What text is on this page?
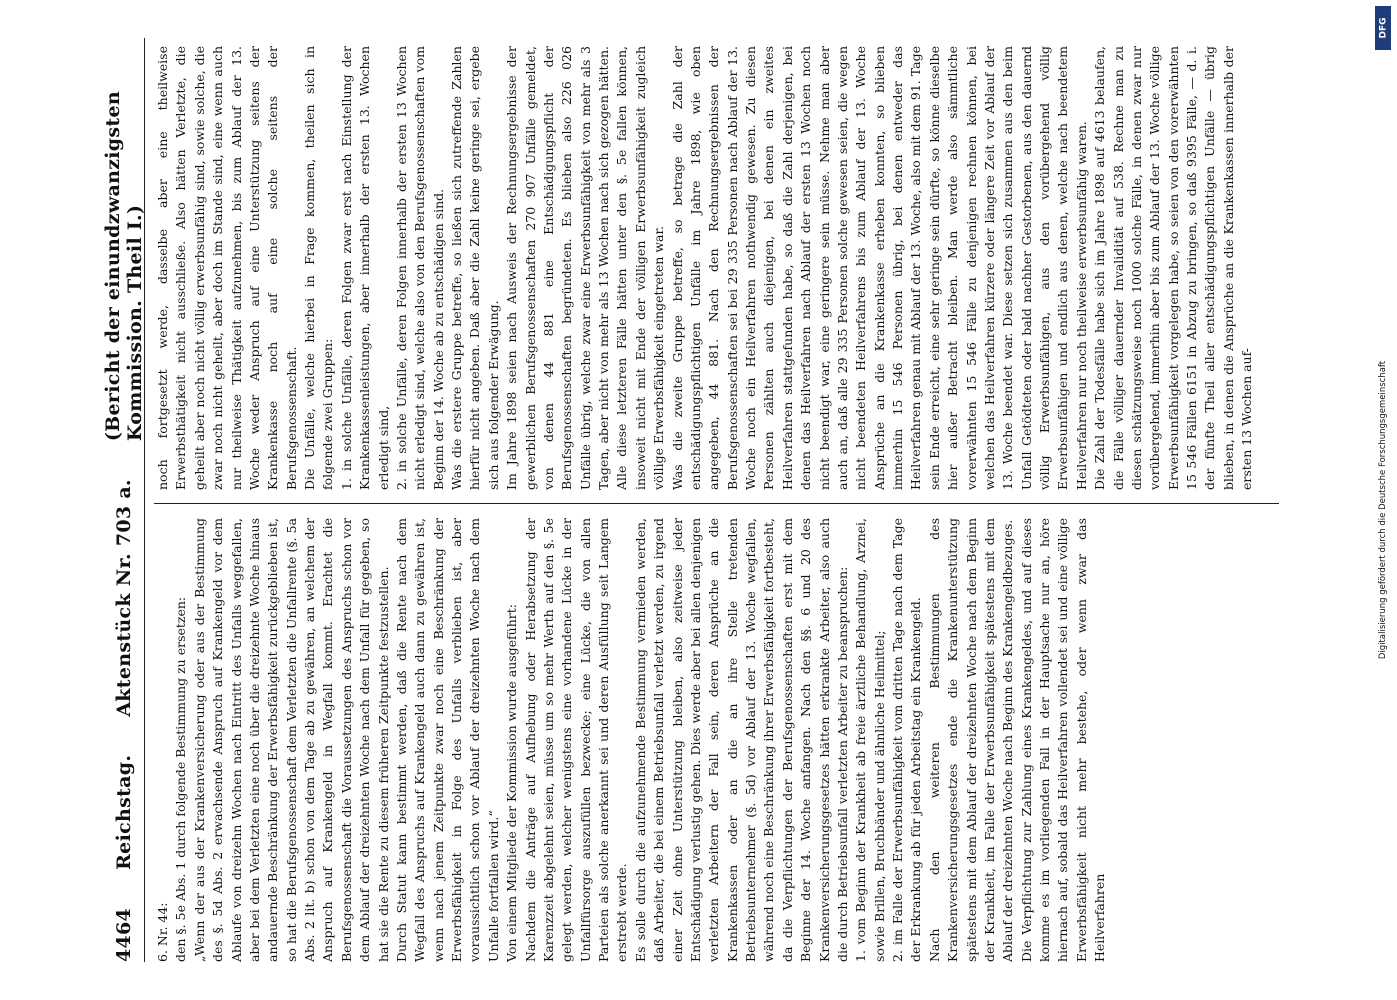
4464
Reichstag.
Aktenstück Nr. 703 a.
(Bericht der einundzwanzigsten Kommission. Theil I.)
6. Nr. 44:
den §. 5e Abs. 1 durch folgende Bestimmung zu ersetzen:
„Wenn der aus der Krankenversicherung oder aus der Bestimmung des §. 5d Abs. 2 erwachsende Anspruch auf Krankengeld vor dem Ablaufe von dreizehn Wochen nach Eintritt des Unfalls weggefallen, aber bei dem Verletzten eine noch über die dreizehnte Woche hinaus andauernde Beschränkung der Erwerbsfähigkeit zurückgeblieben ist, so hat die Berufsgenossenschaft dem Verletzten die Unfallrente (§. 5a Abs. 2 lit. b) schon von dem Tage ab zu gewähren, an welchem der Anspruch auf Krankengeld in Wegfall kommt. Erachtet die Berufsgenossenschaft die Voraussetzungen des Anspruchs schon vor dem Ablauf der dreizehnten Woche nach dem Unfall für gegeben, so hat sie die Rente zu diesem früheren Zeitpunkte festzustellen.
Durch Statut kann bestimmt werden, daß die Rente nach dem Wegfall des Anspruchs auf Krankengeld auch dann zu gewähren ist, wenn nach jenem Zeitpunkte zwar noch eine Beschränkung der Erwerbsfähigkeit in Folge des Unfalls verblieben ist, aber voraussichtlich schon vor Ablauf der dreizehnten Woche nach dem Unfalle fortfallen wird.“
Von einem Mitgliede der Kommission wurde ausgeführt:
Nachdem die Anträge auf Aufhebung oder Herabsetzung der Karenzzeit abgelehnt seien, müsse um so mehr Werth auf den §. 5e gelegt werden, welcher wenigstens eine vorhandene Lücke in der Unfallfürsorge auszufüllen bezwecke; eine Lücke, die von allen Parteien als solche anerkannt sei und deren Ausfüllung seit Langem erstrebt werde.
Es solle durch die aufzunehmende Bestimmung vermieden werden, daß Arbeiter, die bei einem Betriebsunfall verletzt werden, zu irgend einer Zeit ohne Unterstützung bleiben, also zeitweise jeder Entschädigung verlustig gehen. Dies werde aber bei allen denjenigen verletzten Arbeitern der Fall sein, deren Ansprüche an die Krankenkassen oder an die an ihre Stelle tretenden Betriebsunternehmer (§. 5d) vor Ablauf der 13. Woche wegfallen, während noch eine Beschränkung ihrer Erwerbsfähigkeit fortbesteht, da die Verpflichtungen der Berufsgenossenschaften erst mit dem Beginne der 14. Woche anfangen. Nach den §§. 6 und 20 des Krankenversicherungsgesetzes hätten erkrankte Arbeiter, also auch die durch Betriebsunfall verletzten Arbeiter zu beanspruchen:
1. vom Beginn der Krankheit ab freie ärztliche Behandlung, Arznei, sowie Brillen, Bruchbänder und ähnliche Heilmittel;
2. im Falle der Erwerbsunfähigkeit vom dritten Tage nach dem Tage der Erkrankung ab für jeden Arbeitstag ein Krankengeld.
Nach den weiteren Bestimmungen des Krankenversicherungsgesetzes ende die Krankenunterstützung spätestens mit dem Ablauf der dreizehnten Woche nach dem Beginn der Krankheit, im Falle der Erwerbsunfähigkeit spätestens mit dem Ablauf der dreizehnten Woche nach Beginn des Krankengeldbezuges.
Die Verpflichtung zur Zahlung eines Krankengeldes, und auf dieses komme es im vorliegenden Fall in der Hauptsache nur an, höre hiernach auf, sobald das Heilverfahren vollendet sei und eine völlige Erwerbsfähigkeit nicht mehr bestehe, oder wenn zwar das Heilverfahren
noch fortgesetzt werde, dasselbe aber eine theilweise Erwerbsthätigkeit nicht ausschließe. Also hätten Verletzte, die geheilt aber noch nicht völlig erwerbsunfähig sind, sowie solche, die zwar noch nicht geheilt, aber doch im Stande sind, eine wenn auch nur theilweise Thätigkeit aufzunehmen, bis zum Ablauf der 13. Woche weder Anspruch auf eine Unterstützung seitens der Krankenkasse noch auf eine solche seitens der Berufsgenossenschaft.
Die Unfälle, welche hierbei in Frage kommen, theilen sich in folgende zwei Gruppen:
1. in solche Unfälle, deren Folgen zwar erst nach Einstellung der Krankenkassenleistungen, aber innerhalb der ersten 13. Wochen erledigt sind,
2. in solche Unfälle, deren Folgen innerhalb der ersten 13 Wochen nicht erledigt sind, welche also von den Berufsgenossenschaften vom Beginn der 14. Woche ab zu entschädigen sind.
Was die erstere Gruppe betreffe, so ließen sich zutreffende Zahlen hierfür nicht angeben. Daß aber die Zahl keine geringe sei, ergebe sich aus folgender Erwägung.
Im Jahre 1898 seien nach Ausweis der Rechnungsergebnisse der gewerblichen Berufsgenossenschaften 270 907 Unfälle gemeldet, von denen 44 881 eine Entschädigungspflicht der Berufsgenossenschaften begründeten. Es blieben also 226 026 Unfälle übrig, welche zwar eine Erwerbsunfähigkeit von mehr als 3 Tagen, aber nicht von mehr als 13 Wochen nach sich gezogen hätten. Alle diese letzteren Fälle hätten unter den §. 5e fallen können, insoweit nicht mit Ende der völligen Erwerbsunfähigkeit zugleich völlige Erwerbsfähigkeit eingetreten war.
Was die zweite Gruppe betreffe, so betrage die Zahl der entschädigungspflichtigen Unfälle im Jahre 1898, wie oben angegeben, 44 881. Nach den Rechnungsergebnissen der Berufsgenossenschaften sei bei 29 335 Personen nach Ablauf der 13. Woche noch ein Heilverfahren nothwendig gewesen. Zu diesen Personen zählten auch diejenigen, bei denen ein zweites Heilverfahren stattgefunden habe, so daß die Zahl derjenigen, bei denen das Heilverfahren nach Ablauf der ersten 13 Wochen noch nicht beendigt war, eine geringere sein müsse. Nehme man aber auch an, daß alle 29 335 Personen solche gewesen seien, die wegen nicht beendeten Heilverfahrens bis zum Ablauf der 13. Woche Ansprüche an die Krankenkasse erheben konnten, so blieben immerhin 15 546 Personen übrig, bei denen entweder das Heilverfahren genau mit Ablauf der 13. Woche, also mit dem 91. Tage sein Ende erreicht, eine sehr geringe sein dürfte, so könne dieselbe hier außer Betracht bleiben. Man werde also sämmtliche vorerwähnten 15 546 Fälle zu denjenigen rechnen können, bei welchen das Heilverfahren kürzere oder längere Zeit vor Ablauf der 13. Woche beendet war. Diese setzen sich zusammen aus den beim Unfall Getödteten oder bald nachher Gestorbenen, aus den dauernd völlig Erwerbsunfähigen, aus den vorübergehend völlig Erwerbsunfähigen und endlich aus denen, welche nach beendetem Heilverfahren nur noch theilweise erwerbsunfähig waren.
Die Zahl der Todesfälle habe sich im Jahre 1898 auf 4613 belaufen, die Fälle völliger dauernder Invalidität auf 538. Rechne man zu diesen schätzungsweise noch 1000 solche Fälle, in denen zwar nur vorübergehend, immerhin aber bis zum Ablauf der 13. Woche völlige Erwerbsunfähigkeit vorgelegen habe, so seien von den vorerwähnten 15 546 Fällen 6151 in Abzug zu bringen, so daß 9395 Fälle, — d. i. der fünfte Theil aller entschädigungspflichtigen Unfälle — übrig blieben, in denen die Ansprüche an die Krankenkassen innerhalb der ersten 13 Wochen auf-
Digitalisierung gefördert durch die Deutsche Forschungsgemeinschaft
DFG
